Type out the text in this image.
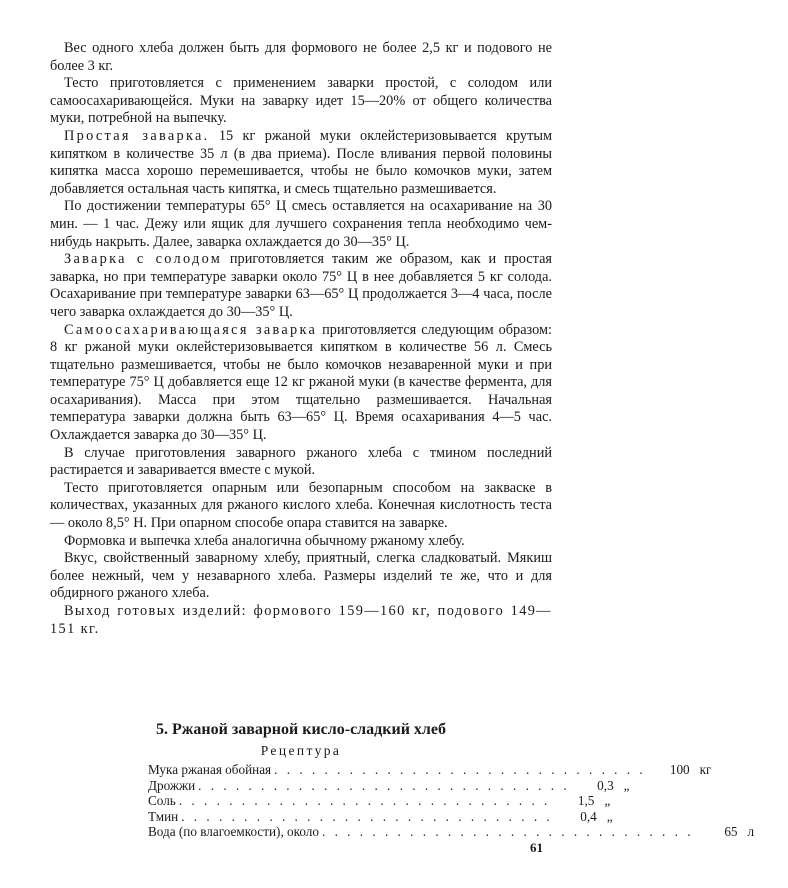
Вес одного хлеба должен быть для формового не более 2,5 кг и подового не более 3 кг.

Тесто приготовляется с применением заварки простой, с солодом или самоосахаривающейся. Муки на заварку идет 15—20% от общего количества муки, потребной на выпечку.

Простая заварка. 15 кг ржаной муки оклейстеризовывается крутым кипятком в количестве 35 л (в два приема). После вливания первой половины кипятка масса хорошо перемешивается, чтобы не было комочков муки, затем добавляется остальная часть кипятка, и смесь тщательно размешивается.

По достижении температуры 65° Ц смесь оставляется на осахаривание на 30 мин. — 1 час. Дежу или ящик для лучшего сохранения тепла необходимо чем-нибудь накрыть. Далее, заварка охлаждается до 30—35° Ц.

Заварка с солодом приготовляется таким же образом, как и простая заварка, но при температуре заварки около 75° Ц в нее добавляется 5 кг солода. Осахаривание при температуре заварки 63—65° Ц продолжается 3—4 часа, после чего заварка охлаждается до 30—35° Ц.

Самоосахаривающаяся заварка приготовляется следующим образом: 8 кг ржаной муки оклейстеризовывается кипятком в количестве 56 л. Смесь тщательно размешивается, чтобы не было комочков незаваренной муки и при температуре 75° Ц добавляется еще 12 кг ржаной муки (в качестве фермента, для осахаривания). Масса при этом тщательно размешивается. Начальная температура заварки должна быть 63—65° Ц. Время осахаривания 4—5 час. Охлаждается заварка до 30—35° Ц.

В случае приготовления заварного ржаного хлеба с тмином последний растирается и заваривается вместе с мукой.

Тесто приготовляется опарным или безопарным способом на закваске в количествах, указанных для ржаного кислого хлеба. Конечная кислотность теста — около 8,5° Н. При опарном способе опара ставится на заварке.

Формовка и выпечка хлеба аналогична обычному ржаному хлебу.

Вкус, свойственный заварному хлебу, приятный, слегка сладковатый. Мякиш более нежный, чем у незаварного хлеба. Размеры изделий те же, что и для обдирного ржаного хлеба.

Выход готовых изделий: формового 159—160 кг, подового 149—151 кг.

5. Ржаной заварной кисло-сладкий хлеб
Рецептура
Мука ржаная обойная . . . . . . . . . . . . . . . . . . . . . . . . . . . . . .	100 кг
Дрожжи . . . . . . . . . . . . . . . . . . . . . . . . . . . . . .	0,3 „
Соль . . . . . . . . . . . . . . . . . . . . . . . . . . . . . .	1,5 „
Тмин . . . . . . . . . . . . . . . . . . . . . . . . . . . . . .	0,4 „
Вода (по влагоемкости), около . . . . . . . . . . . . . . . . . . . . . . . . . . . . . .	65 л
61
